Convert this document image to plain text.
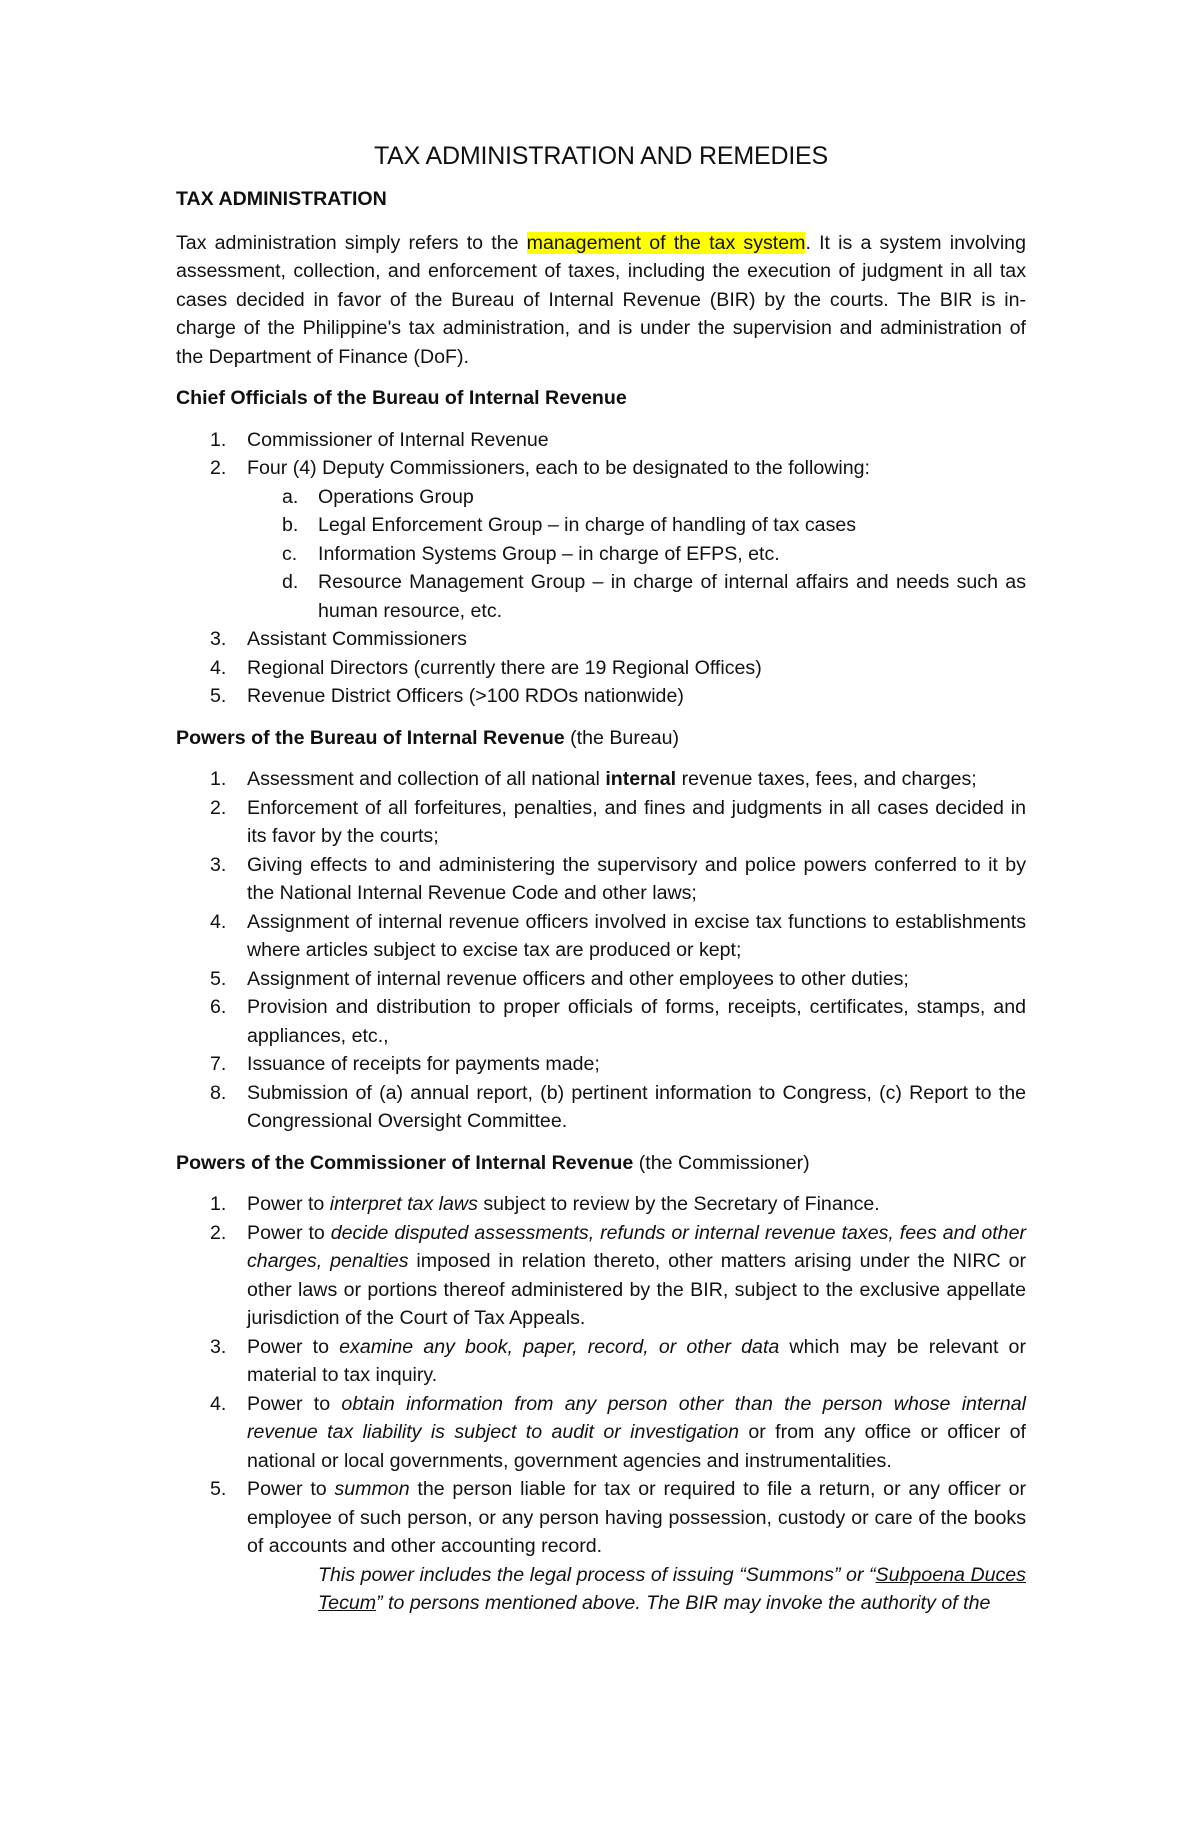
TAX ADMINISTRATION AND REMEDIES
TAX ADMINISTRATION

Tax administration simply refers to the management of the tax system. It is a system involving assessment, collection, and enforcement of taxes, including the execution of judgment in all tax cases decided in favor of the Bureau of Internal Revenue (BIR) by the courts. The BIR is in-charge of the Philippine's tax administration, and is under the supervision and administration of the Department of Finance (DoF).

Chief Officials of the Bureau of Internal Revenue
1. Commissioner of Internal Revenue
2. Four (4) Deputy Commissioners, each to be designated to the following:
a. Operations Group
b. Legal Enforcement Group – in charge of handling of tax cases
c. Information Systems Group – in charge of EFPS, etc.
d. Resource Management Group – in charge of internal affairs and needs such as human resource, etc.
3. Assistant Commissioners
4. Regional Directors (currently there are 19 Regional Offices)
5. Revenue District Officers (>100 RDOs nationwide)
Powers of the Bureau of Internal Revenue (the Bureau)
1. Assessment and collection of all national internal revenue taxes, fees, and charges;
2. Enforcement of all forfeitures, penalties, and fines and judgments in all cases decided in its favor by the courts;
3. Giving effects to and administering the supervisory and police powers conferred to it by the National Internal Revenue Code and other laws;
4. Assignment of internal revenue officers involved in excise tax functions to establishments where articles subject to excise tax are produced or kept;
5. Assignment of internal revenue officers and other employees to other duties;
6. Provision and distribution to proper officials of forms, receipts, certificates, stamps, and appliances, etc.,
7. Issuance of receipts for payments made;
8. Submission of (a) annual report, (b) pertinent information to Congress, (c) Report to the Congressional Oversight Committee.
Powers of the Commissioner of Internal Revenue (the Commissioner)
1. Power to interpret tax laws subject to review by the Secretary of Finance.
2. Power to decide disputed assessments, refunds or internal revenue taxes, fees and other charges, penalties imposed in relation thereto, other matters arising under the NIRC or other laws or portions thereof administered by the BIR, subject to the exclusive appellate jurisdiction of the Court of Tax Appeals.
3. Power to examine any book, paper, record, or other data which may be relevant or material to tax inquiry.
4. Power to obtain information from any person other than the person whose internal revenue tax liability is subject to audit or investigation or from any office or officer of national or local governments, government agencies and instrumentalities.
5. Power to summon the person liable for tax or required to file a return, or any officer or employee of such person, or any person having possession, custody or care of the books of accounts and other accounting record.

This power includes the legal process of issuing “Summons” or “Subpoena Duces Tecum” to persons mentioned above. The BIR may invoke the authority of the
